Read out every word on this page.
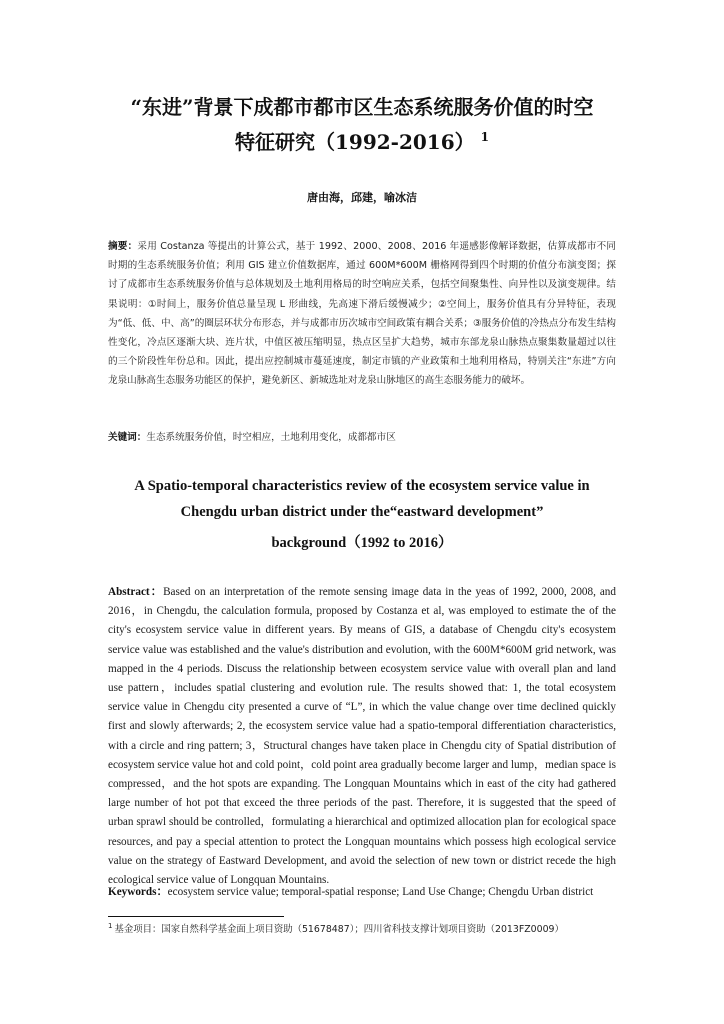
“东进”背景下成都市都市区生态系统服务价值的时空
特征研究（1992-2016） $^1$
唐由海，邱建，喻冰洁
摘要：采用 Costanza 等提出的计算公式，基于 1992、2000、2008、2016 年遥感影像解译数据，估算成都市不同时期的生态系统服务价值；利用 GIS 建立价值数据库，通过 600M*600M 栅格网得到四个时期的价值分布演变图；探讨了成都市生态系统服务价值与总体规划及土地利用格局的时空响应关系，包括空间聚集性、向异性以及演变规律。结果说明：①时间上，服务价值总量呈现 L 形曲线，先高速下滑后缓慢减少；②空间上，服务价值具有分异特征，表现为“低、低、中、高”的圈层环状分布形态，并与成都市历次城市空间政策有耦合关系；③服务价值的冷热点分布发生结构性变化，冷点区逐渐大块、连片状，中值区被压缩明显，热点区呈扩大趋势，城市东部龙泉山脉热点聚集数量超过以往的三个阶段性年份总和。因此，提出应控制城市蔓延速度，制定市镇的产业政策和土地利用格局，特别关注“东进”方向龙泉山脉高生态服务功能区的保护，避免新区、新城选址对龙泉山脉地区的高生态服务能力的破坏。
关键词：生态系统服务价值，时空相应，土地利用变化，成都都市区
A Spatio-temporal characteristics review of the ecosystem service value in
Chengdu urban district under the“eastward development”
background（1992 to 2016）
Abstract：Based on an interpretation of the remote sensing image data in the yeas of 1992, 2000, 2008, and 2016，in Chengdu, the calculation formula, proposed by Costanza et al, was employed to estimate the of the city's ecosystem service value in different years. By means of GIS, a database of Chengdu city's ecosystem service value was established and the value's distribution and evolution, with the 600M*600M grid network, was mapped in the 4 periods. Discuss the relationship between ecosystem service value with overall plan and land use pattern，includes spatial clustering and evolution rule. The results showed that: 1, the total ecosystem service value in Chengdu city presented a curve of “L”, in which the value change over time declined quickly first and slowly afterwards; 2, the ecosystem service value had a spatio-temporal differentiation characteristics, with a circle and ring pattern; 3，Structural changes have taken place in Chengdu city of Spatial distribution of ecosystem service value hot and cold point，cold point area gradually become larger and lump，median space is compressed，and the hot spots are expanding. The Longquan Mountains which in east of the city had gathered large number of hot pot that exceed the three periods of the past. Therefore, it is suggested that the speed of urban sprawl should be controlled，formulating a hierarchical and optimized allocation plan for ecological space resources, and pay a special attention to protect the Longquan mountains which possess high ecological service value on the strategy of Eastward Development, and avoid the selection of new town or district recede the high ecological service value of Longquan Mountains.
Keywords：ecosystem service value; temporal-spatial response; Land Use Change; Chengdu Urban district
$^1$ 基金项目：国家自然科学基金面上项目资助（51678487）；四川省科技支撑计划项目资助（2013FZ0009）
